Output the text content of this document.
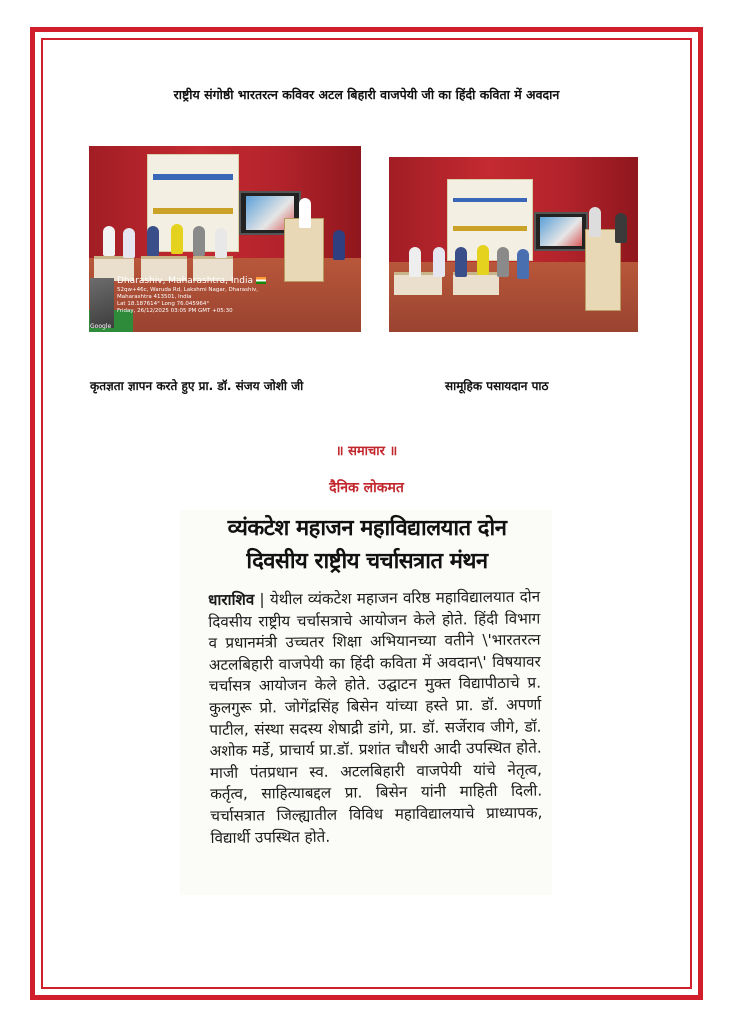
राष्ट्रीय संगोष्ठी भारतरत्न कविवर अटल बिहारी वाजपेयी जी का हिंदी कविता में अवदान
Dharashiv, Maharashtra, India
52qw+46c, Waruda Rd, Lakshmi Nagar, Dharashiv,
Maharashtra 413501, India
Lat 18.187614° Long 76.045964°
Friday, 26/12/2025 03:05 PM GMT +05:30
Google
कृतज्ञता ज्ञापन करते हुए प्रा. डॉ. संजय जोशी जी	सामूहिक पसायदान पाठ
॥ समाचार ॥
दैनिक लोकमत
व्यंकटेश महाजन महाविद्यालयात दोन
दिवसीय राष्ट्रीय चर्चासत्रात मंथन
धाराशिव | येथील व्यंकटेश महाजन वरिष्ठ महाविद्यालयात दोन दिवसीय राष्ट्रीय चर्चासत्राचे आयोजन केले होते. हिंदी विभाग व प्रधानमंत्री उच्चतर शिक्षा अभियानच्या वतीने \'भारतरत्न अटलबिहारी वाजपेयी का हिंदी कविता में अवदान\' विषयावर चर्चासत्र आयोजन केले होते. उद्घाटन मुक्त विद्यापीठाचे प्र. कुलगुरू प्रो. जोगेंद्रसिंह बिसेन यांच्या हस्ते प्रा. डॉ. अपर्णा पाटील, संस्था सदस्य शेषाद्री डांगे, प्रा. डॉ. सर्जेराव जीगे, डॉ. अशोक मर्डे, प्राचार्य प्रा.डॉ. प्रशांत चौधरी आदी उपस्थित होते. माजी पंतप्रधान स्व. अटलबिहारी वाजपेयी यांचे नेतृत्व, कर्तृत्व, साहित्याबद्दल प्रा. बिसेन यांनी माहिती दिली. चर्चासत्रात जिल्ह्यातील विविध महाविद्यालयाचे प्राध्यापक, विद्यार्थी उपस्थित होते.
